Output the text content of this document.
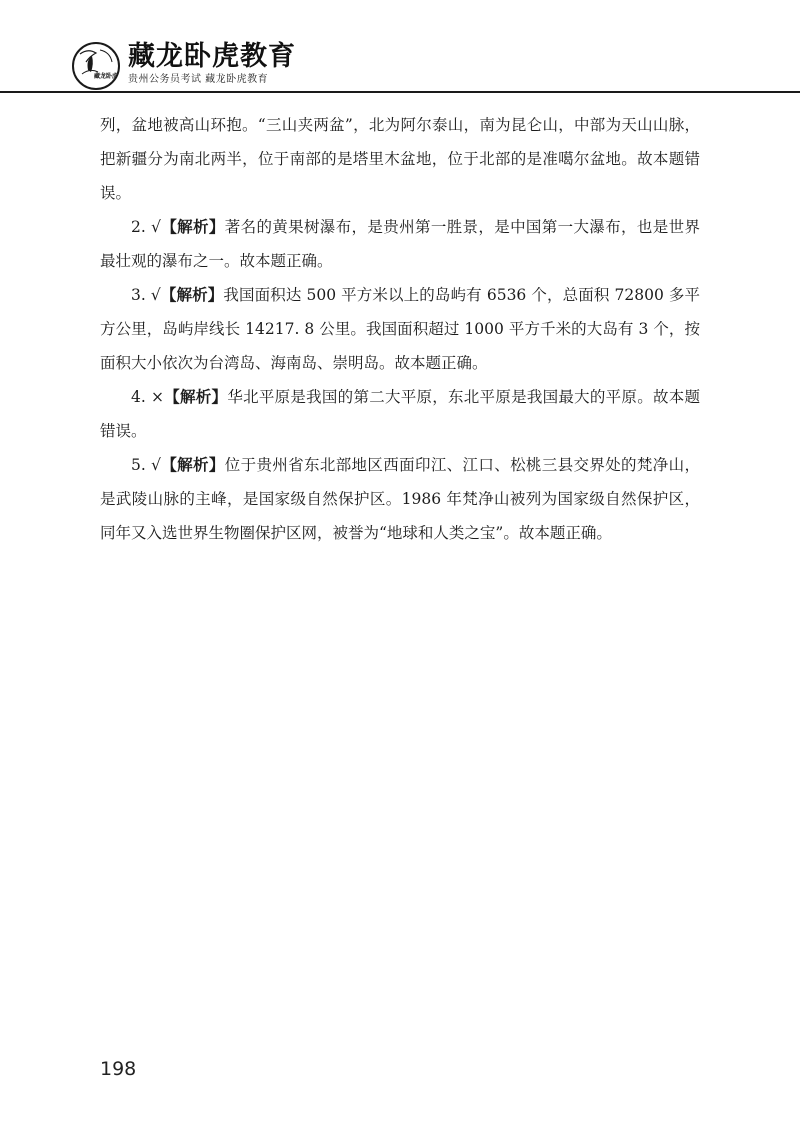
藏龙卧虎
藏龙卧虎教育
贵州公务员考试 藏龙卧虎教育

列，盆地被高山环抱。“三山夹两盆”，北为阿尔泰山，南为昆仑山，中部为天山山脉，把新疆分为南北两半，位于南部的是塔里木盆地，位于北部的是准噶尔盆地。故本题错误。

2. √【解析】著名的黄果树瀑布，是贵州第一胜景，是中国第一大瀑布，也是世界最壮观的瀑布之一。故本题正确。

3. √【解析】我国面积达 500 平方米以上的岛屿有 6536 个，总面积 72800 多平方公里，岛屿岸线长 14217. 8 公里。我国面积超过 1000 平方千米的大岛有 3 个，按面积大小依次为台湾岛、海南岛、崇明岛。故本题正确。

4. ×【解析】华北平原是我国的第二大平原，东北平原是我国最大的平原。故本题错误。

5. √【解析】位于贵州省东北部地区西面印江、江口、松桃三县交界处的梵净山，是武陵山脉的主峰，是国家级自然保护区。1986 年梵净山被列为国家级自然保护区，同年又入选世界生物圈保护区网，被誉为“地球和人类之宝”。故本题正确。

198
